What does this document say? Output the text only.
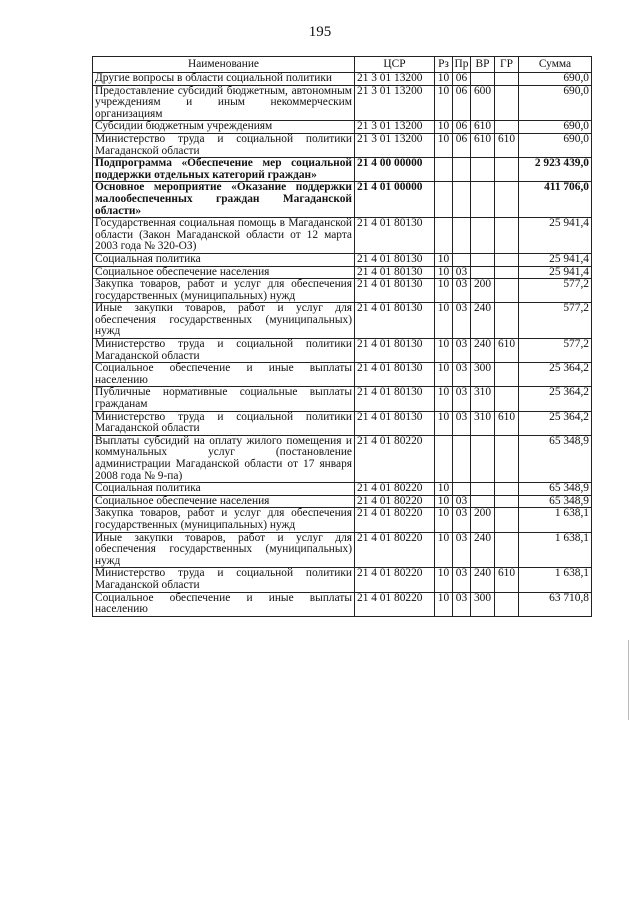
195
Наименование	ЦСР	Рз	Пр	ВР	ГР	Сумма
Другие вопросы в области социальной политики	21 3 01 13200	10	06			690,0
Предоставление субсидий бюджетным, автономным учреждениям и иным некоммерческим организациям	21 3 01 13200	10	06	600		690,0
Субсидии бюджетным учреждениям	21 3 01 13200	10	06	610		690,0
Министерство труда и социальной политики Магаданской области	21 3 01 13200	10	06	610	610	690,0
Подпрограмма «Обеспечение мер социальной поддержки отдельных категорий граждан»	21 4 00 00000					2 923 439,0
Основное мероприятие «Оказание поддержки малообеспеченных граждан Магаданской области»	21 4 01 00000					411 706,0
Государственная социальная помощь в Магаданской области (Закон Магаданской области от 12 марта 2003 года № 320-ОЗ)	21 4 01 80130					25 941,4
Социальная политика	21 4 01 80130	10				25 941,4
Социальное обеспечение населения	21 4 01 80130	10	03			25 941,4
Закупка товаров, работ и услуг для обеспечения государственных (муниципальных) нужд	21 4 01 80130	10	03	200		577,2
Иные закупки товаров, работ и услуг для обеспечения государственных (муниципальных) нужд	21 4 01 80130	10	03	240		577,2
Министерство труда и социальной политики Магаданской области	21 4 01 80130	10	03	240	610	577,2
Социальное обеспечение и иные выплаты населению	21 4 01 80130	10	03	300		25 364,2
Публичные нормативные социальные выплаты гражданам	21 4 01 80130	10	03	310		25 364,2
Министерство труда и социальной политики Магаданской области	21 4 01 80130	10	03	310	610	25 364,2
Выплаты субсидий на оплату жилого помещения и коммунальных услуг (постановление администрации Магаданской области от 17 января 2008 года № 9-па)	21 4 01 80220					65 348,9
Социальная политика	21 4 01 80220	10				65 348,9
Социальное обеспечение населения	21 4 01 80220	10	03			65 348,9
Закупка товаров, работ и услуг для обеспечения государственных (муниципальных) нужд	21 4 01 80220	10	03	200		1 638,1
Иные закупки товаров, работ и услуг для обеспечения государственных (муниципальных) нужд	21 4 01 80220	10	03	240		1 638,1
Министерство труда и социальной политики Магаданской области	21 4 01 80220	10	03	240	610	1 638,1
Социальное обеспечение и иные выплаты населению	21 4 01 80220	10	03	300		63 710,8
